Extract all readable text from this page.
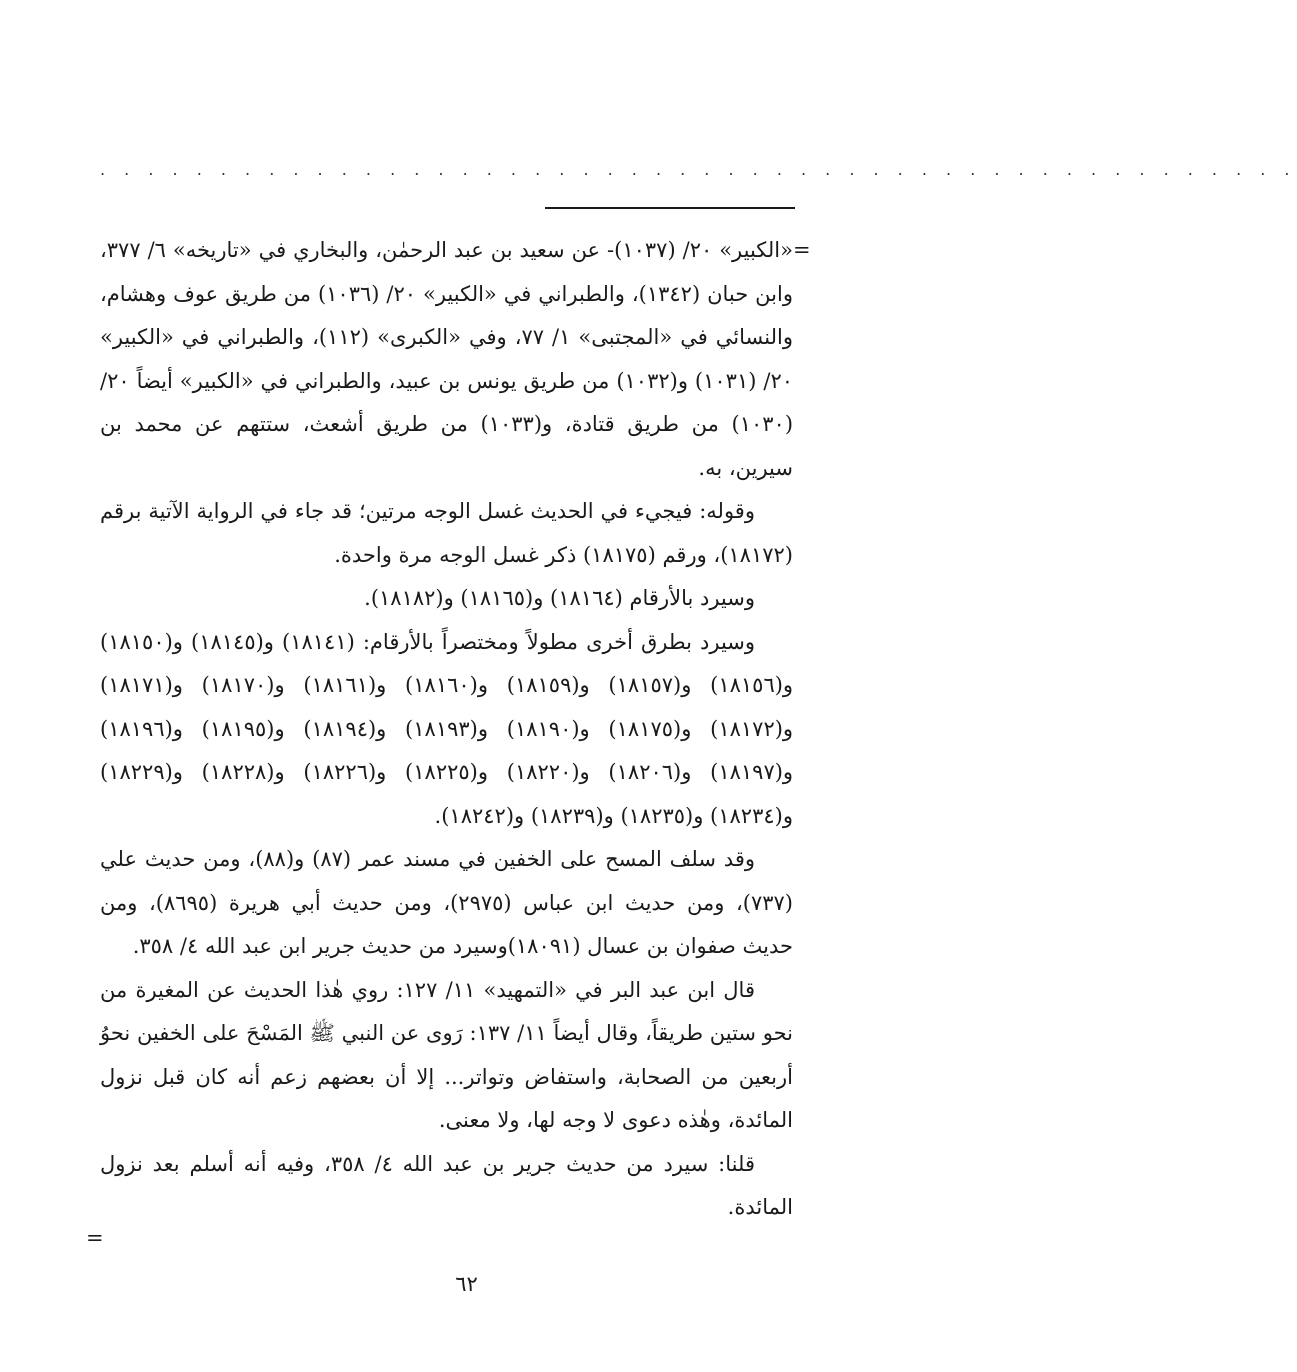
. . . . . . . . . . . . . . . . . . . . . . . . . . . . . . . . . . . . . . . . . . . . . . . . . .
=

«الكبير» ٢٠/ (١٠٣٧)- عن سعيد بن عبد الرحمٰن، والبخاري في «تاريخه» ٦/ ٣٧٧، وابن حبان (١٣٤٢)، والطبراني في «الكبير» ٢٠/ (١٠٣٦) من طريق عوف وهشام، والنسائي في «المجتبى» ١/ ٧٧، وفي «الكبرى» (١١٢)، والطبراني في «الكبير» ٢٠/ (١٠٣١) و(١٠٣٢) من طريق يونس بن عبيد، والطبراني في «الكبير» أيضاً ٢٠/ (١٠٣٠) من طريق قتادة، و(١٠٣٣) من طريق أشعث، ستتهم عن محمد بن سيرين، به.

وقوله: فيجيء في الحديث غسل الوجه مرتين؛ قد جاء في الرواية الآتية برقم (١٨١٧٢)، ورقم (١٨١٧٥) ذكر غسل الوجه مرة واحدة.

وسيرد بالأرقام (١٨١٦٤) و(١٨١٦٥) و(١٨١٨٢).

وسيرد بطرق أخرى مطولاً ومختصراً بالأرقام: (١٨١٤١) و(١٨١٤٥) و(١٨١٥٠) و(١٨١٥٦) و(١٨١٥٧) و(١٨١٥٩) و(١٨١٦٠) و(١٨١٦١) و(١٨١٧٠) و(١٨١٧١) و(١٨١٧٢) و(١٨١٧٥) و(١٨١٩٠) و(١٨١٩٣) و(١٨١٩٤) و(١٨١٩٥) و(١٨١٩٦) و(١٨١٩٧) و(١٨٢٠٦) و(١٨٢٢٠) و(١٨٢٢٥) و(١٨٢٢٦) و(١٨٢٢٨) و(١٨٢٢٩) و(١٨٢٣٤) و(١٨٢٣٥) و(١٨٢٣٩) و(١٨٢٤٢).

وقد سلف المسح على الخفين في مسند عمر (٨٧) و(٨٨)، ومن حديث علي (٧٣٧)، ومن حديث ابن عباس (٢٩٧٥)، ومن حديث أبي هريرة (٨٦٩٥)، ومن حديث صفوان بن عسال (١٨٠٩١)وسيرد من حديث جرير ابن عبد الله ٤/ ٣٥٨.

قال ابن عبد البر في «التمهيد» ١١/ ١٢٧: روي هٰذا الحديث عن المغيرة من نحو ستين طريقاً، وقال أيضاً ١١/ ١٣٧: رَوى عن النبي ﷺ المَسْحَ على الخفين نحوُ أربعين من الصحابة، واستفاض وتواتر... إلا أن بعضهم زعم أنه كان قبل نزول المائدة، وهٰذه دعوى لا وجه لها، ولا معنى.

قلنا: سيرد من حديث جرير بن عبد الله ٤/ ٣٥٨، وفيه أنه أسلم بعد نزول المائدة.

=
٦٢
